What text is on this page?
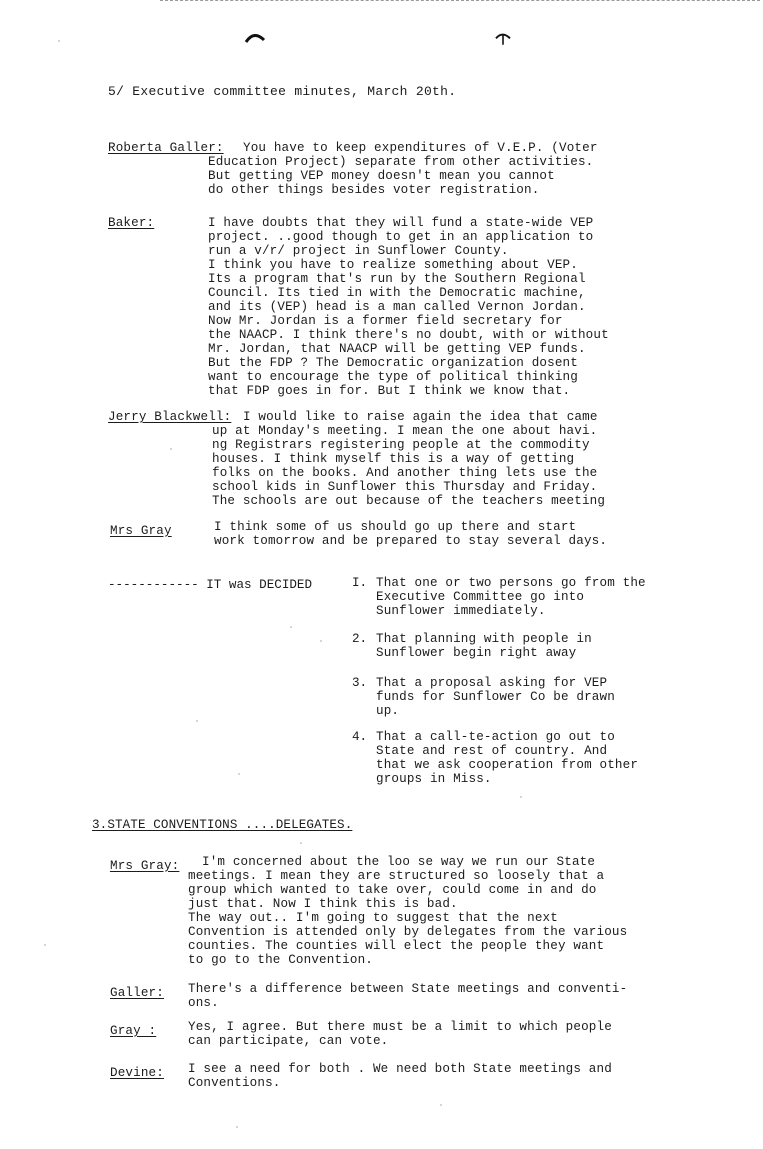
5/ Executive committee minutes, March 20th.
Roberta Galler: You have to keep expenditures of V.E.P. (Voter
Education Project) separate from other activities.
But getting VEP money doesn't mean you cannot
do other things besides voter registration.
Baker:	I have doubts that they will fund a state-wide VEP
project. ..good though to get in an application to
run a v/r/ project in Sunflower County.
I think you have to realize something about VEP.
Its a program that's run by the Southern Regional
Council. Its tied in with the Democratic machine,
and its (VEP) head is a man called Vernon Jordan.
Now Mr. Jordan is a former field secretary for
the NAACP. I think there's no doubt, with or without
Mr. Jordan, that NAACP will be getting VEP funds.
But the FDP ? The Democratic organization dosent
want to encourage the type of political thinking
that FDP goes in for. But I think we know that.
Jerry Blackwell: I would like to raise again the idea that came
up at Monday's meeting. I mean the one about havi.
ng Registrars registering people at the commodity
houses. I think myself this is a way of getting
folks on the books. And another thing lets use the
school kids in Sunflower this Thursday and Friday.
The schools are out because of the teachers meeting
Mrs Gray	I think some of us should go up there and start
work tomorrow and be prepared to stay several days.
------------ IT was DECIDED	I. That one or two persons go from the
Executive Committee go into
Sunflower immediately.
2. That planning with people in
Sunflower begin right away
3. That a proposal asking for VEP
funds for Sunflower Co be drawn
up.
4. That a call-te-action go out to
State and rest of country. And
that we ask cooperation from other
groups in Miss.
3.STATE CONVENTIONS ....DELEGATES.
Mrs Gray: I'm concerned about the loo se way we run our State
meetings. I mean they are structured so loosely that a
group which wanted to take over, could come in and do
just that. Now I think this is bad.
The way out.. I'm going to suggest that the next
Convention is attended only by delegates from the various
counties. The counties will elect the people they want
to go to the Convention.
Galler: There's a difference between State meetings and conventi-
ons.
Gray :	Yes, I agree. But there must be a limit to which people
can participate, can vote.
Devine: I see a need for both . We need both State meetings and
Conventions.
